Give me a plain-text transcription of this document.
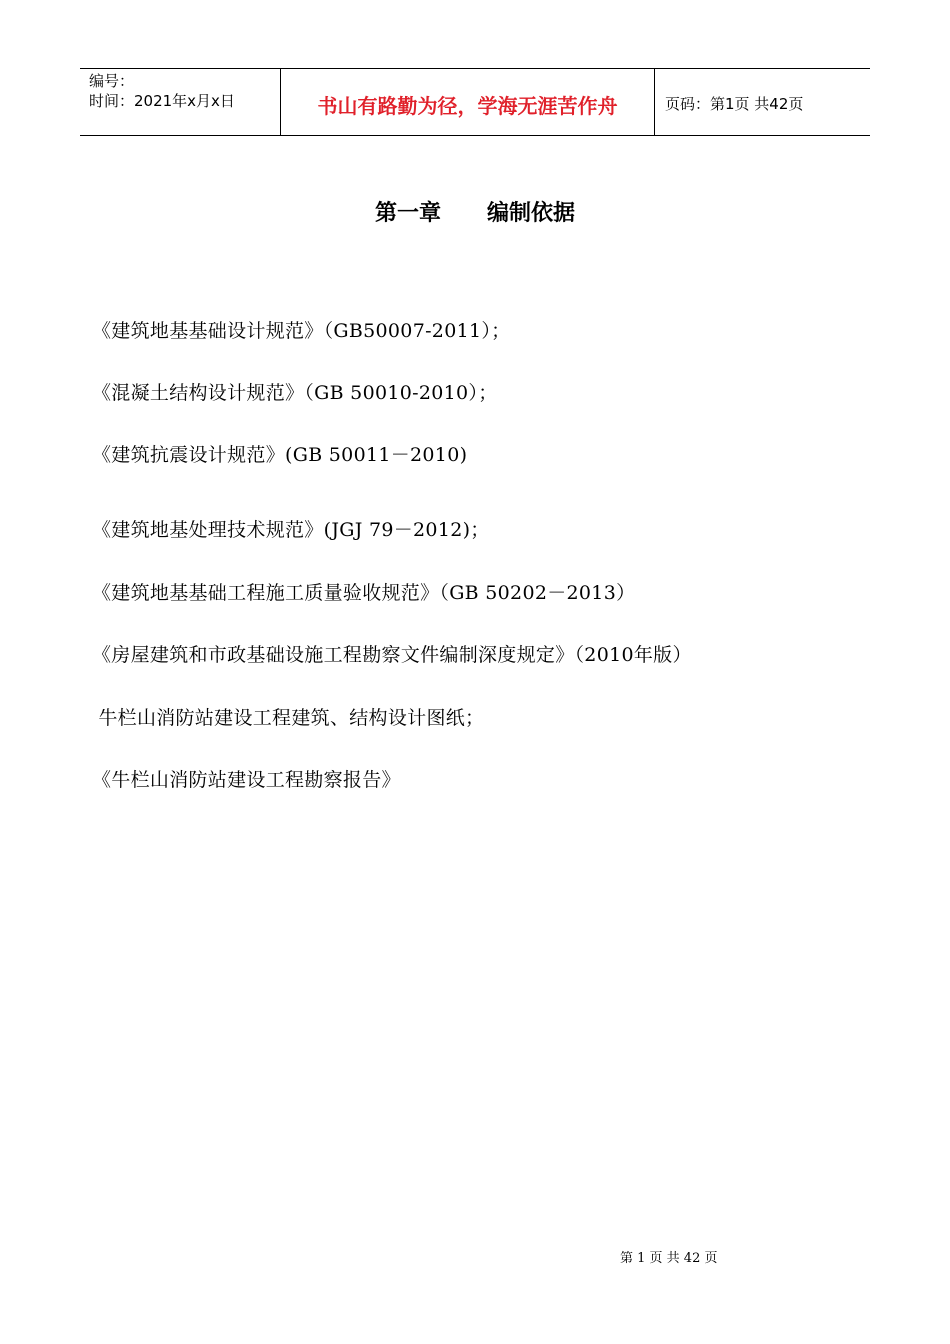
编号：
时间：2021年x月x日	书山有路勤为径，学海无涯苦作舟	页码：第1页 共42页
第一章      编制依据
《建筑地基基础设计规范》（GB50007-2011）；
《混凝土结构设计规范》（GB 50010-2010）；
《建筑抗震设计规范》(GB 50011－2010)
《建筑地基处理技术规范》(JGJ 79－2012)；
《建筑地基基础工程施工质量验收规范》（GB 50202－2013）
《房屋建筑和市政基础设施工程勘察文件编制深度规定》（2010年版）
牛栏山消防站建设工程建筑、结构设计图纸；
《牛栏山消防站建设工程勘察报告》
第 1 页 共 42 页
